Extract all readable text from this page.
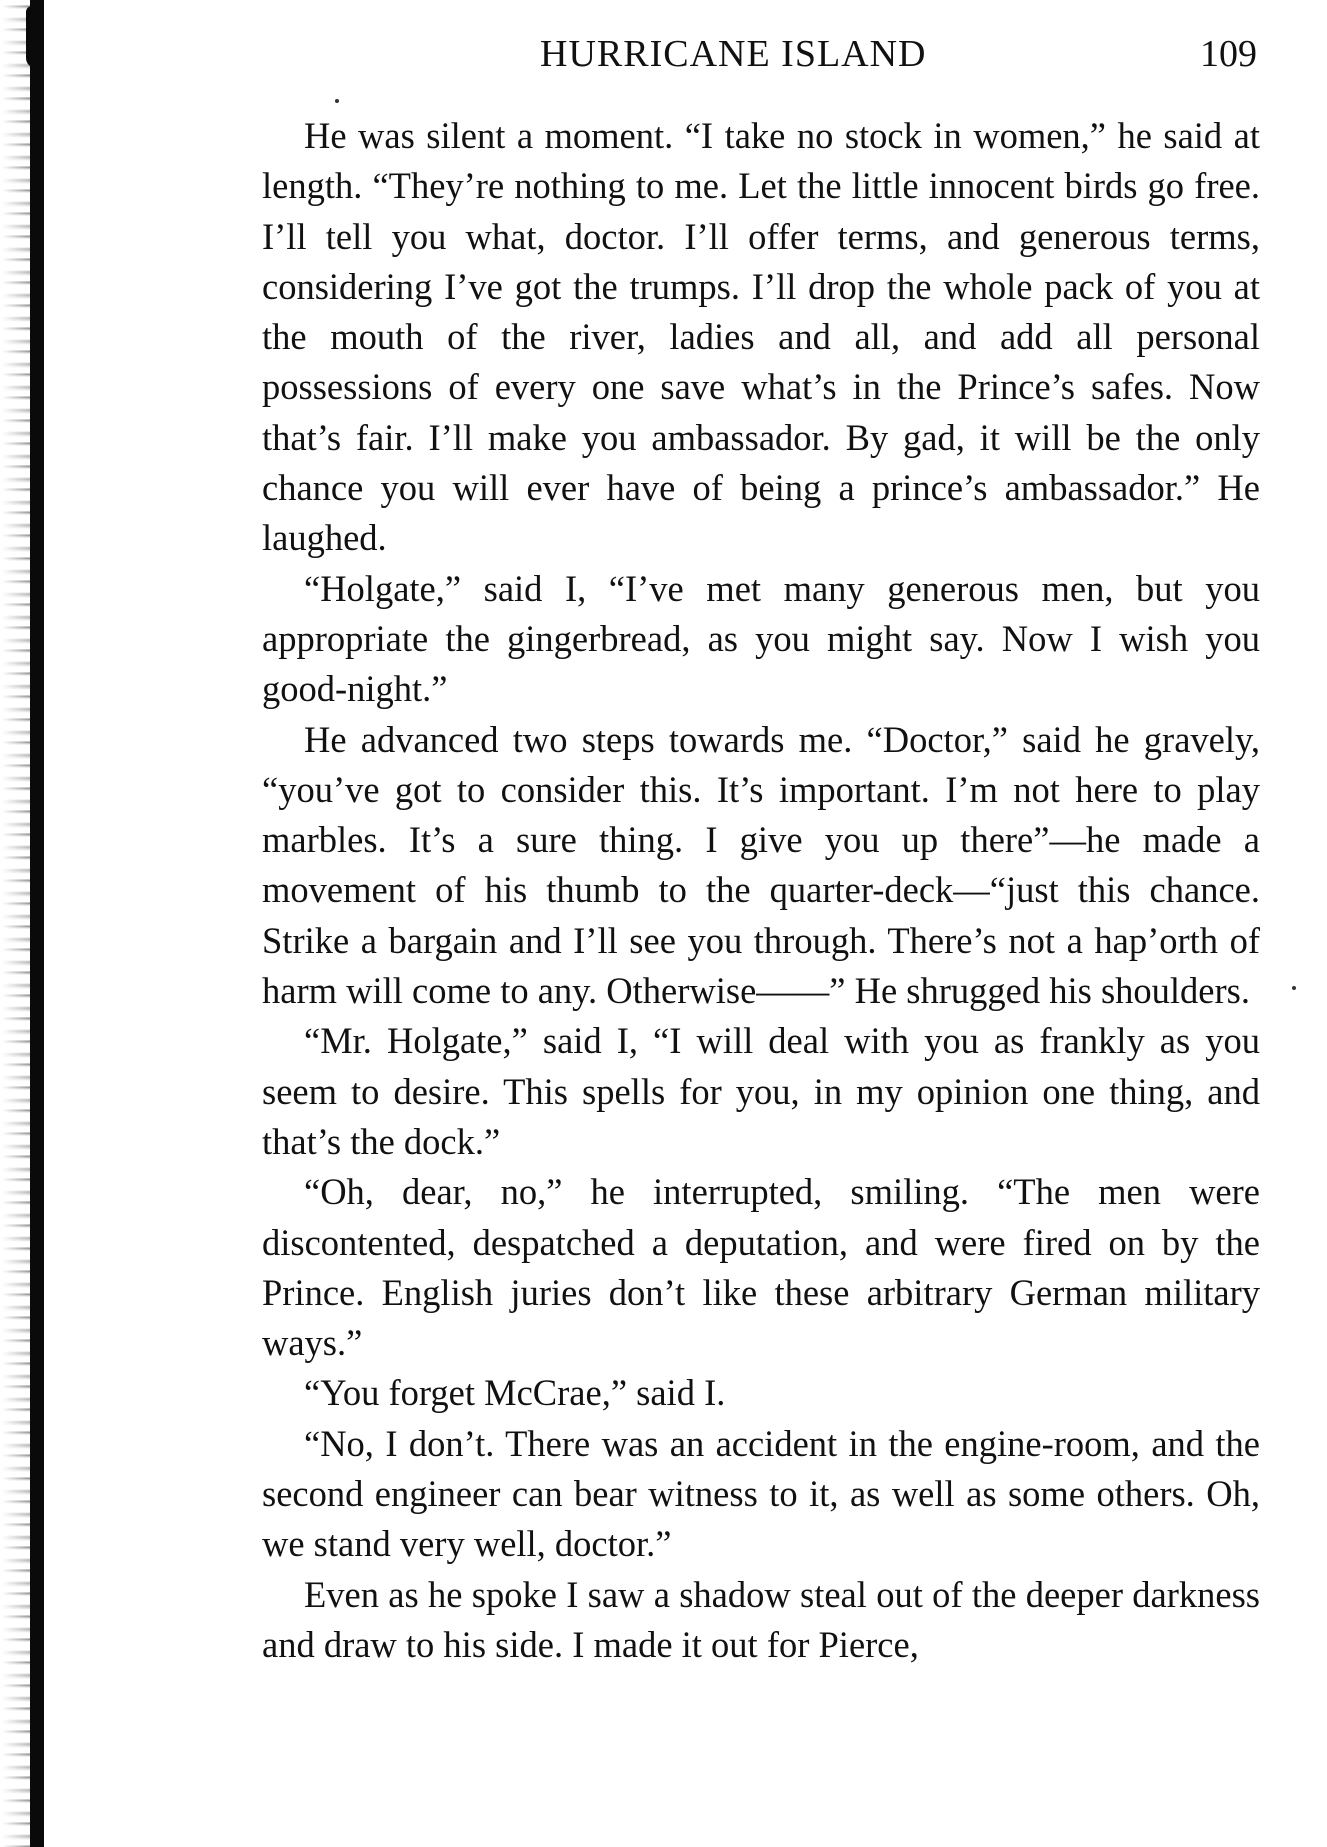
HURRICANE ISLAND	109

He was silent a moment. “I take no stock in women,” he said at length. “They’re nothing to me. Let the little innocent birds go free. I’ll tell you what, doctor. I’ll offer terms, and generous terms, considering I’ve got the trumps. I’ll drop the whole pack of you at the mouth of the river, ladies and all, and add all personal possessions of every one save what’s in the Prince’s safes. Now that’s fair. I’ll make you ambassador. By gad, it will be the only chance you will ever have of being a prince’s ambassador.” He laughed.

“Holgate,” said I, “I’ve met many generous men, but you appropriate the gingerbread, as you might say. Now I wish you good-night.”

He advanced two steps towards me. “Doctor,” said he gravely, “you’ve got to consider this. It’s important. I’m not here to play marbles. It’s a sure thing. I give you up there”—he made a movement of his thumb to the quarter-deck—“just this chance. Strike a bargain and I’ll see you through. There’s not a hap’orth of harm will come to any. Otherwise——” He shrugged his shoulders.

“Mr. Holgate,” said I, “I will deal with you as frankly as you seem to desire. This spells for you, in my opinion one thing, and that’s the dock.”

“Oh, dear, no,” he interrupted, smiling. “The men were discontented, despatched a deputation, and were fired on by the Prince. English juries don’t like these arbitrary German military ways.”

“You forget McCrae,” said I.

“No, I don’t. There was an accident in the engine-room, and the second engineer can bear witness to it, as well as some others. Oh, we stand very well, doctor.”

Even as he spoke I saw a shadow steal out of the deeper darkness and draw to his side. I made it out for Pierce,
